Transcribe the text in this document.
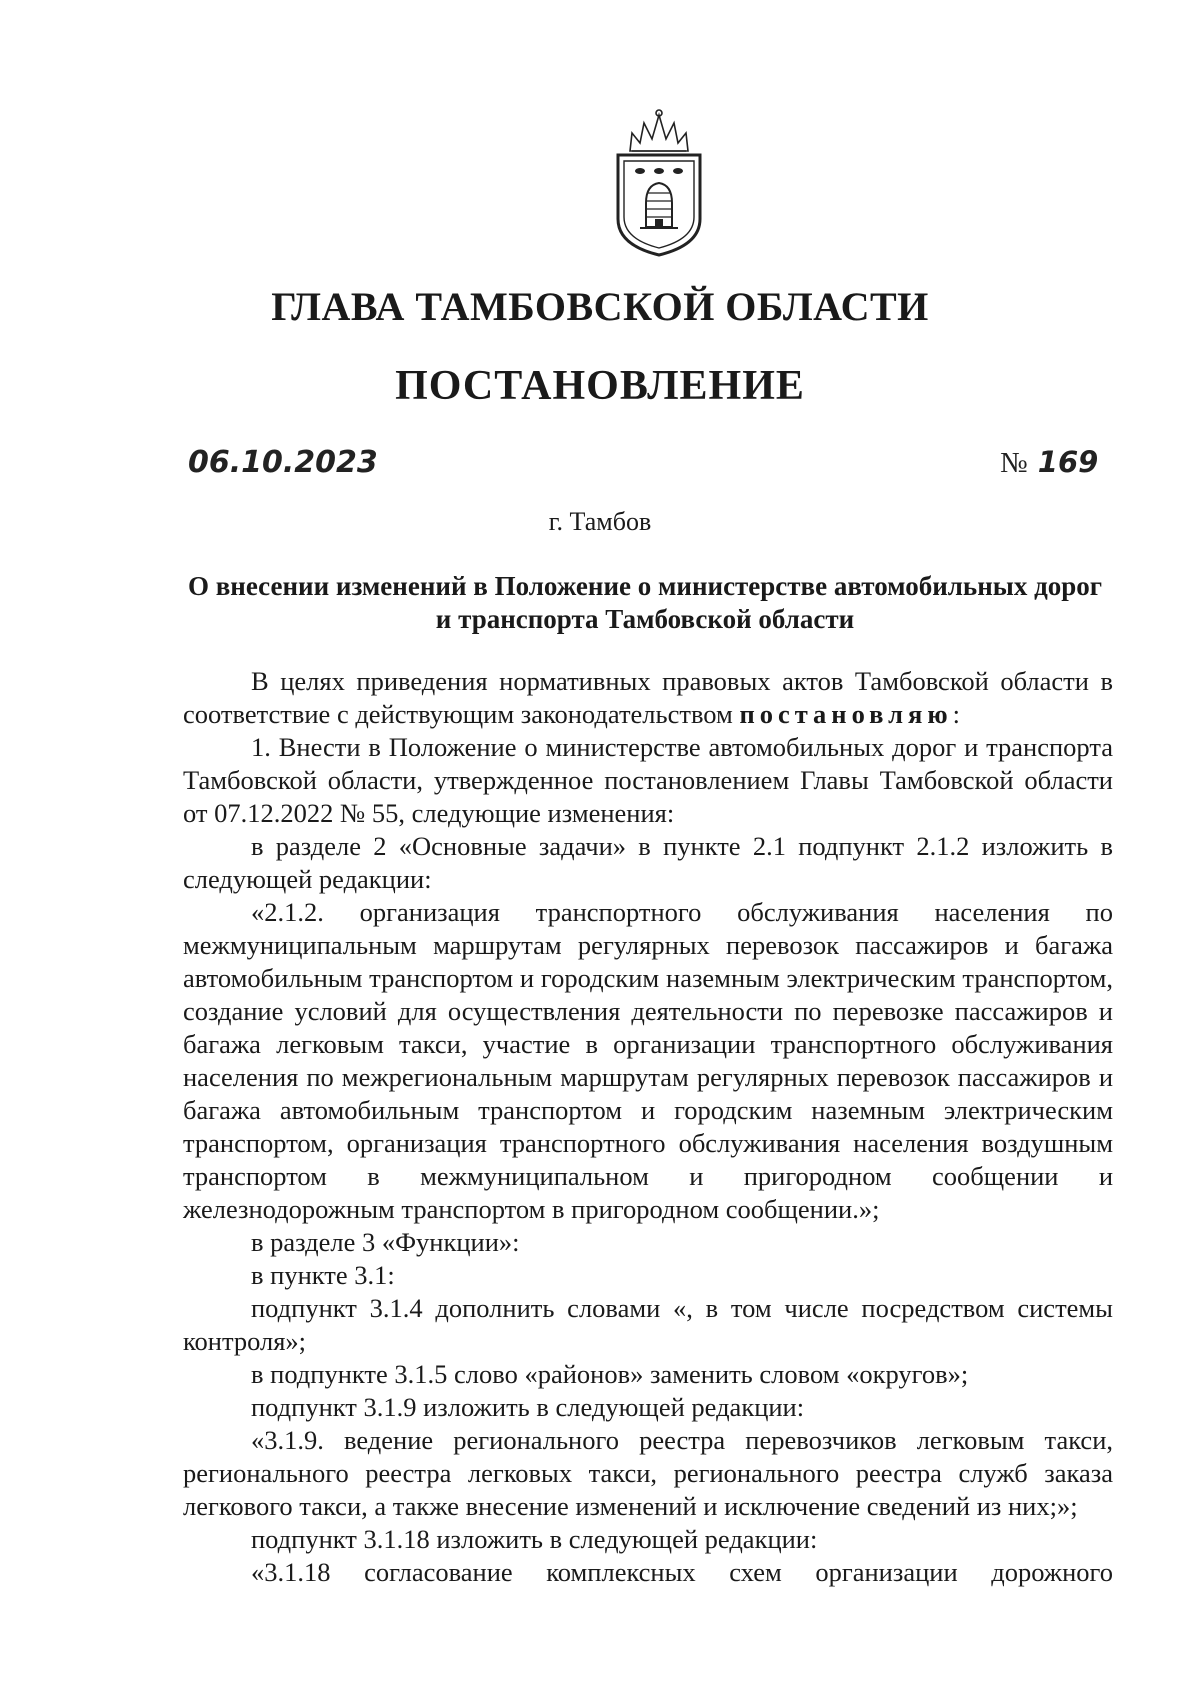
ГЛАВА ТАМБОВСКОЙ ОБЛАСТИ
ПОСТАНОВЛЕНИЕ
06.10.2023	№ 169
г. Тамбов
О внесении изменений в Положение о министерстве автомобильных дорог
и транспорта Тамбовской области

В целях приведения нормативных правовых актов Тамбовской области в соответствие с действующим законодательством постановляю:

1. Внести в Положение о министерстве автомобильных дорог и транспорта Тамбовской области, утвержденное постановлением Главы Тамбовской области от 07.12.2022 № 55, следующие изменения:

в разделе 2 «Основные задачи» в пункте 2.1 подпункт 2.1.2 изложить в следующей редакции:

«2.1.2. организация транспортного обслуживания населения по межмуниципальным маршрутам регулярных перевозок пассажиров и багажа автомобильным транспортом и городским наземным электрическим транспортом, создание условий для осуществления деятельности по перевозке пассажиров и багажа легковым такси, участие в организации транспортного обслуживания населения по межрегиональным маршрутам регулярных перевозок пассажиров и багажа автомобильным транспортом и городским наземным электрическим транспортом, организация транспортного обслуживания населения воздушным транспортом в межмуниципальном и пригородном сообщении и железнодорожным транспортом в пригородном сообщении.»;

в разделе 3 «Функции»:

в пункте 3.1:

подпункт 3.1.4 дополнить словами «, в том числе посредством системы контроля»;

в подпункте 3.1.5 слово «районов» заменить словом «округов»;

подпункт 3.1.9 изложить в следующей редакции:

«3.1.9. ведение регионального реестра перевозчиков легковым такси, регионального реестра легковых такси, регионального реестра служб заказа легкового такси, а также внесение изменений и исключение сведений из них;»;

подпункт 3.1.18 изложить в следующей редакции:

«3.1.18 согласование комплексных схем организации дорожного
